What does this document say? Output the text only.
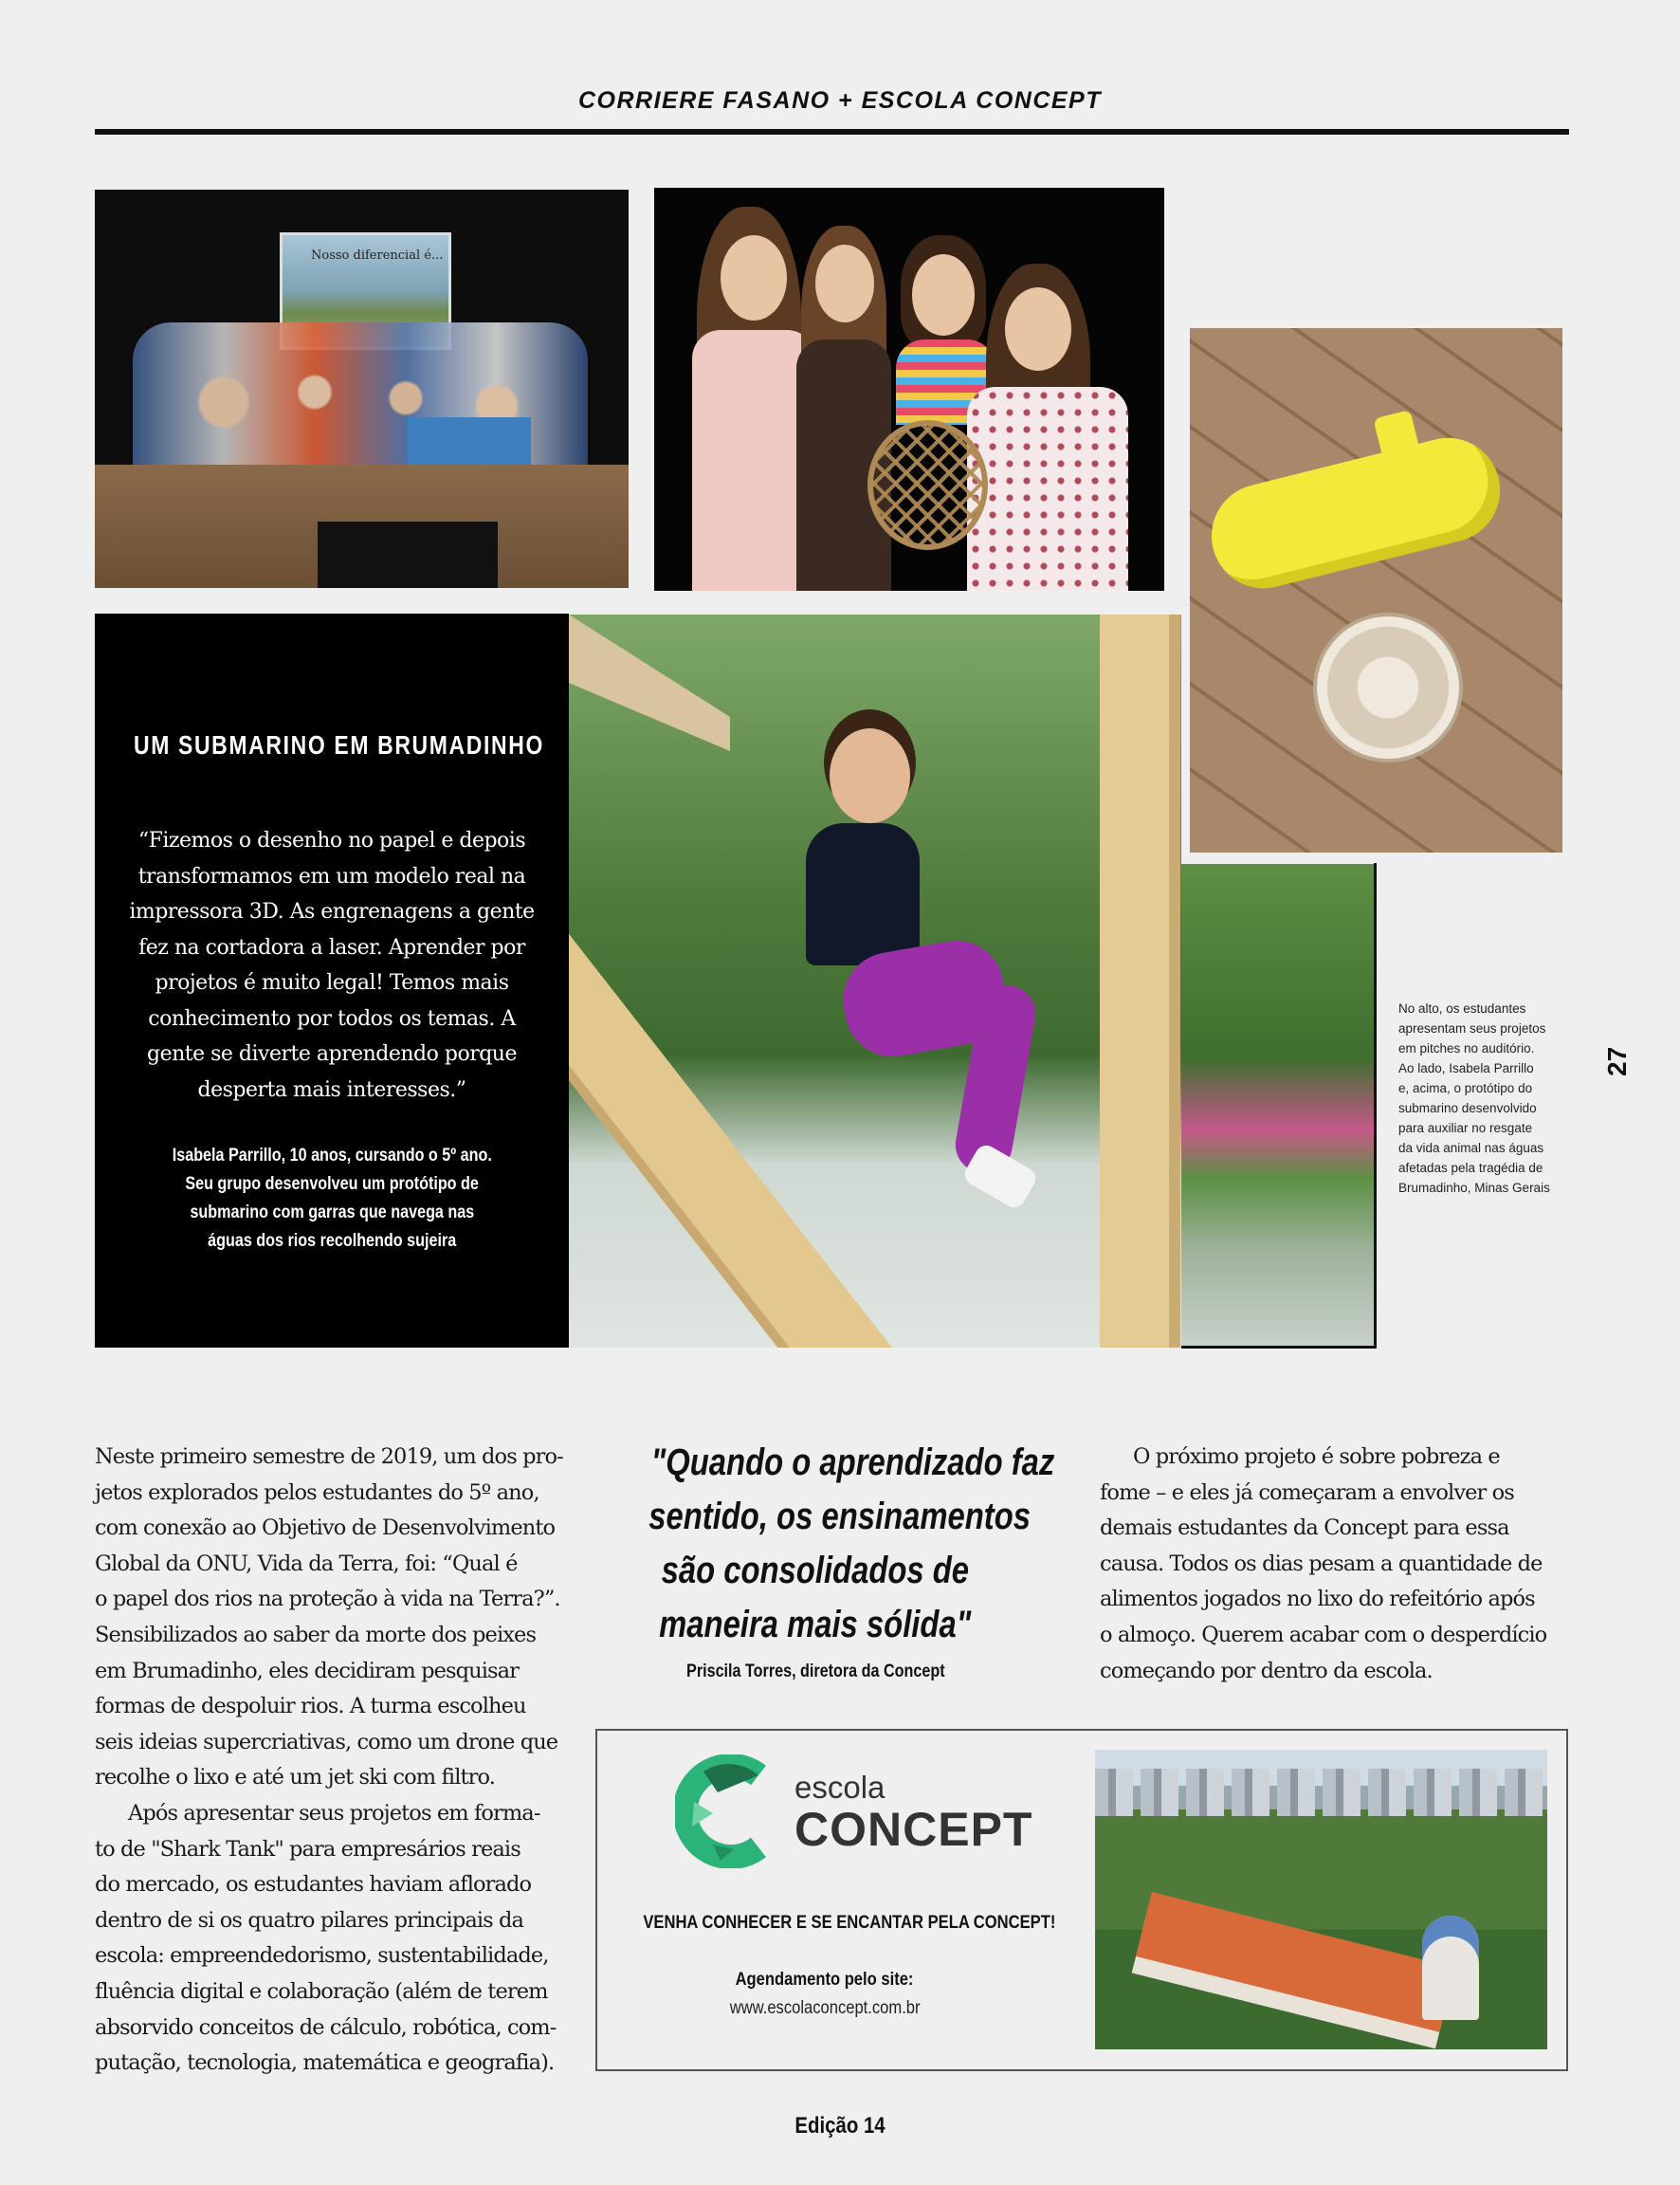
CORRIERE FASANO + ESCOLA CONCEPT
Nosso diferencial é...
UM SUBMARINO EM BRUMADINHO
“Fizemos o desenho no papel e depois
transformamos em um modelo real na
impressora 3D. As engrenagens a gente
fez na cortadora a laser. Aprender por
projetos é muito legal! Temos mais
conhecimento por todos os temas. A
gente se diverte aprendendo porque
desperta mais interesses.”
Isabela Parrillo, 10 anos, cursando o 5º ano.
Seu grupo desenvolveu um protótipo de
submarino com garras que navega nas
águas dos rios recolhendo sujeira
No alto, os estudantes
apresentam seus projetos
em pitches no auditório.
Ao lado, Isabela Parrillo
e, acima, o protótipo do
submarino desenvolvido
para auxiliar no resgate
da vida animal nas águas
afetadas pela tragédia de
Brumadinho, Minas Gerais
27

Neste primeiro semestre de 2019, um dos pro-

jetos explorados pelos estudantes do 5º ano,

com conexão ao Objetivo de Desenvolvimento

Global da ONU, Vida da Terra, foi: “Qual é

o papel dos rios na proteção à vida na Terra?”.

Sensibilizados ao saber da morte dos peixes

em Brumadinho, eles decidiram pesquisar

formas de despoluir rios. A turma escolheu

seis ideias supercriativas, como um drone que

recolhe o lixo e até um jet ski com filtro.

Após apresentar seus projetos em forma-

to de "Shark Tank" para empresários reais

do mercado, os estudantes haviam aflorado

dentro de si os quatro pilares principais da

escola: empreendedorismo, sustentabilidade,

fluência digital e colaboração (além de terem

absorvido conceitos de cálculo, robótica, com-

putação, tecnologia, matemática e geografia).

"Quando o aprendizado faz
sentido, os ensinamentos
são consolidados de
maneira mais sólida"
Priscila Torres, diretora da Concept

O próximo projeto é sobre pobreza e

fome – e eles já começaram a envolver os

demais estudantes da Concept para essa

causa. Todos os dias pesam a quantidade de

alimentos jogados no lixo do refeitório após

o almoço. Querem acabar com o desperdício

começando por dentro da escola.

escola
CONCEPT
VENHA CONHECER E SE ENCANTAR PELA CONCEPT!
Agendamento pelo site:
www.escolaconcept.com.br
Edição 14
